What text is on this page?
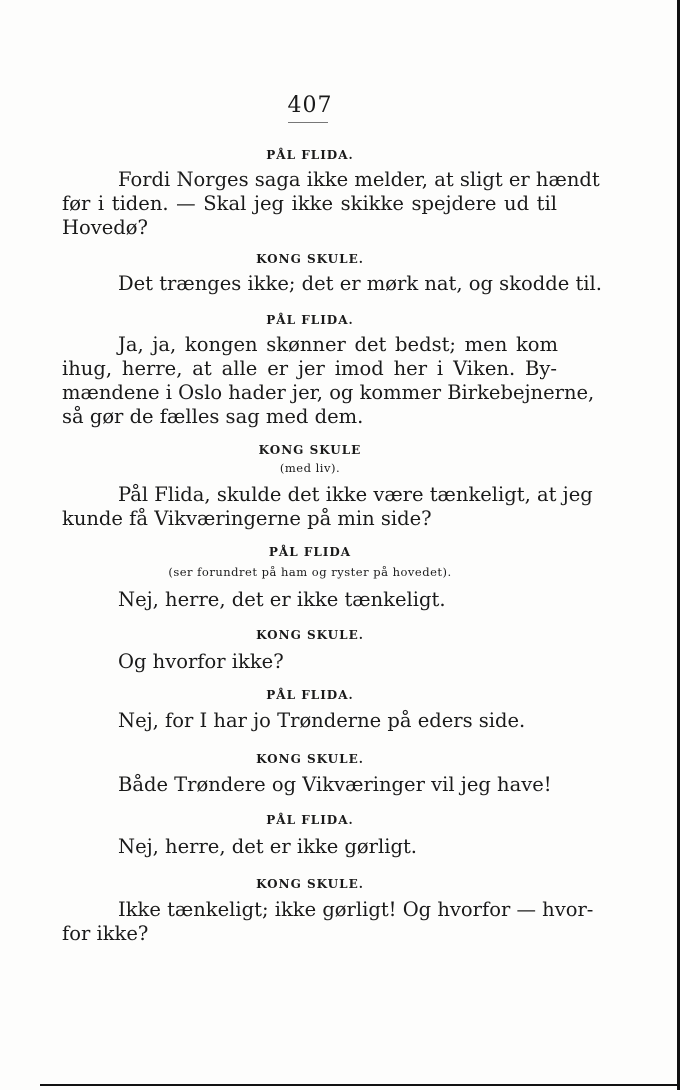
407
PÅL FLIDA.
Fordi Norges saga ikke melder, at sligt er hændt
før i tiden. — Skal jeg ikke skikke spejdere ud til
Hovedø?
KONG SKULE.
Det trænges ikke; det er mørk nat, og skodde til.
PÅL FLIDA.
Ja, ja, kongen skønner det bedst; men kom
ihug, herre, at alle er jer imod her i Viken. By-
mændene i Oslo hader jer, og kommer Birkebejnerne,
så gør de fælles sag med dem.
KONG SKULE
(med liv).
Pål Flida, skulde det ikke være tænkeligt, at jeg
kunde få Vikværingerne på min side?
PÅL FLIDA
(ser forundret på ham og ryster på hovedet).
Nej, herre, det er ikke tænkeligt.
KONG SKULE.
Og hvorfor ikke?
PÅL FLIDA.
Nej, for I har jo Trønderne på eders side.
KONG SKULE.
Både Trøndere og Vikværinger vil jeg have!
PÅL FLIDA.
Nej, herre, det er ikke gørligt.
KONG SKULE.
Ikke tænkeligt; ikke gørligt! Og hvorfor — hvor-
for ikke?
